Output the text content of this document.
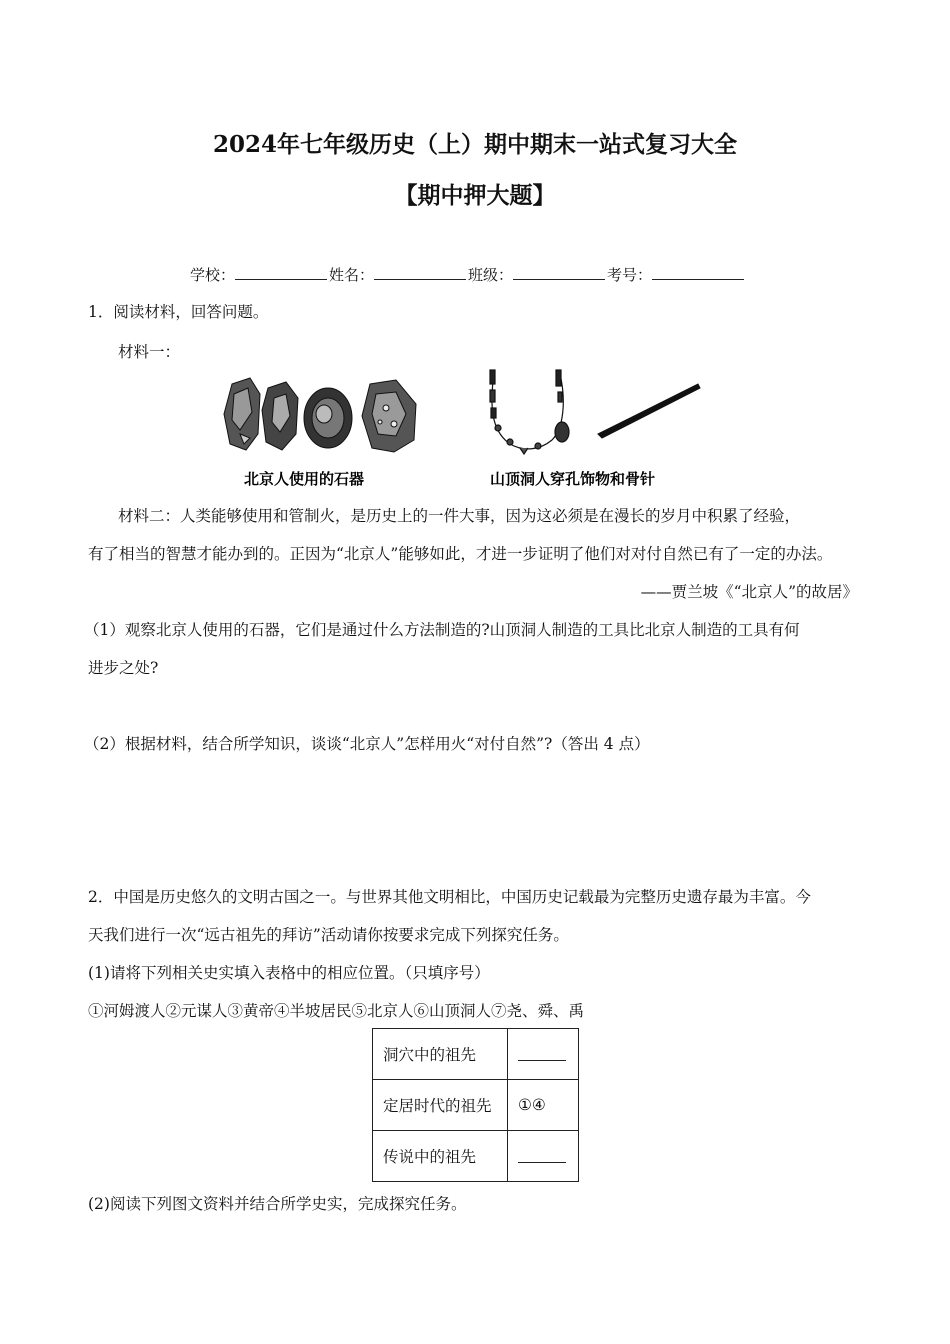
2024年七年级历史（上）期中期末一站式复习大全
【期中押大题】
学校：	姓名：	班级：	考号：
1．阅读材料，回答问题。
材料一：
北京人使用的石器	山顶洞人穿孔饰物和骨针
材料二：人类能够使用和管制火，是历史上的一件大事，因为这必须是在漫长的岁月中积累了经验，
有了相当的智慧才能办到的。正因为“北京人”能够如此，才进一步证明了他们对对付自然已有了一定的办法。
——贾兰坡《“北京人”的故居》
（1）观察北京人使用的石器，它们是通过什么方法制造的?山顶洞人制造的工具比北京人制造的工具有何
进步之处?
（2）根据材料，结合所学知识，谈谈“北京人”怎样用火“对付自然”?（答出 4 点）
2．中国是历史悠久的文明古国之一。与世界其他文明相比，中国历史记载最为完整历史遗存最为丰富。今
天我们进行一次“远古祖先的拜访”活动请你按要求完成下列探究任务。
(1)请将下列相关史实填入表格中的相应位置。（只填序号）
①河姆渡人②元谋人③黄帝④半坡居民⑤北京人⑥山顶洞人⑦尧、舜、禹
洞穴中的祖先	
定居时代的祖先	①④
传说中的祖先	
(2)阅读下列图文资料并结合所学史实，完成探究任务。
